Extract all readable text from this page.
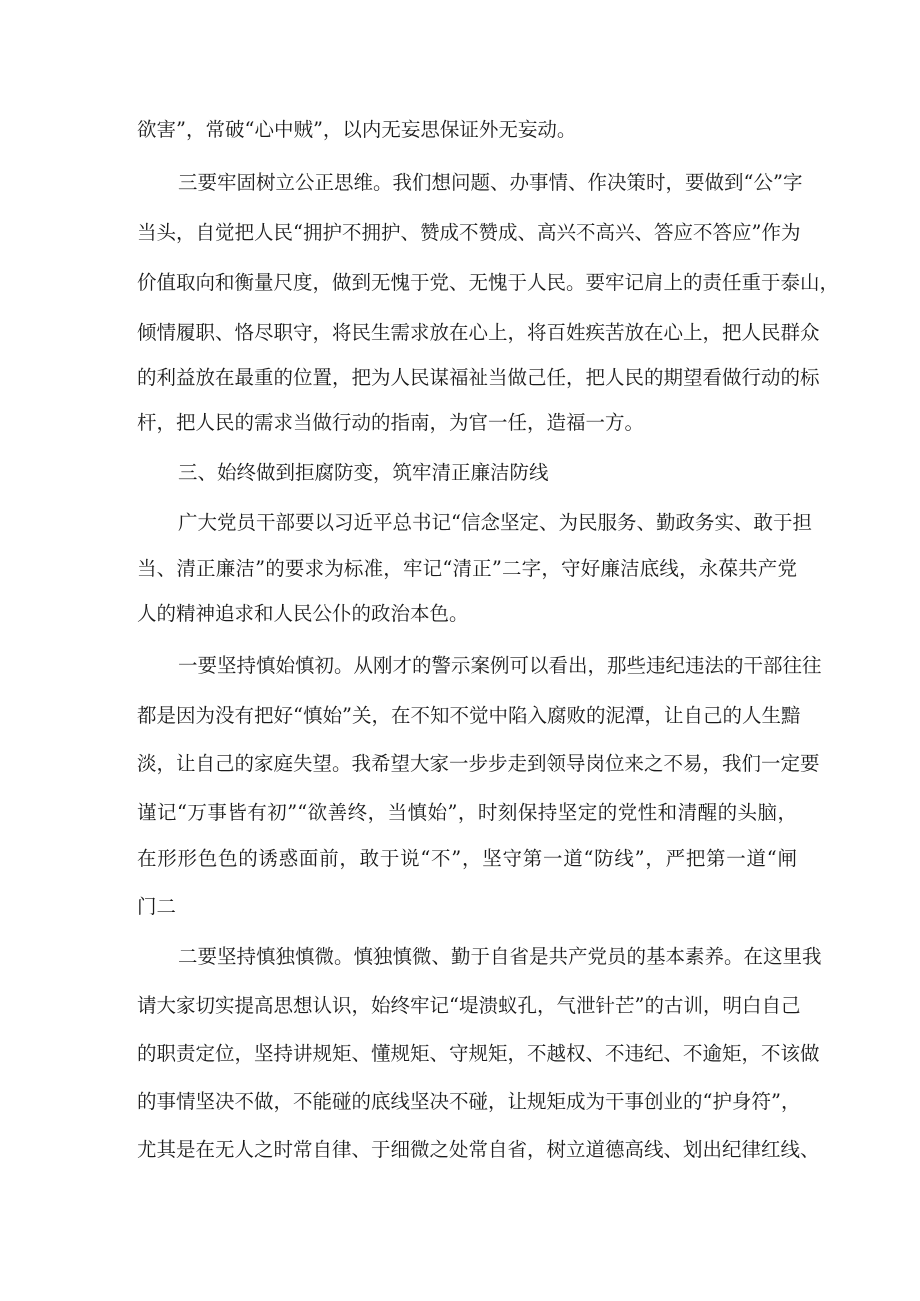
欲害”，常破“心中贼”，以内无妄思保证外无妄动。
三要牢固树立公正思维。我们想问题、办事情、作决策时，要做到“公”字
当头，自觉把人民“拥护不拥护、赞成不赞成、高兴不高兴、答应不答应”作为
价值取向和衡量尺度，做到无愧于党、无愧于人民。要牢记肩上的责任重于泰山，
倾情履职、恪尽职守，将民生需求放在心上，将百姓疾苦放在心上，把人民群众
的利益放在最重的位置，把为人民谋福祉当做己任，把人民的期望看做行动的标
杆，把人民的需求当做行动的指南，为官一任，造福一方。
三、始终做到拒腐防变，筑牢清正廉洁防线
广大党员干部要以习近平总书记“信念坚定、为民服务、勤政务实、敢于担
当、清正廉洁”的要求为标准，牢记“清正”二字，守好廉洁底线，永葆共产党
人的精神追求和人民公仆的政治本色。
一要坚持慎始慎初。从刚才的警示案例可以看出，那些违纪违法的干部往往
都是因为没有把好“慎始”关，在不知不觉中陷入腐败的泥潭，让自己的人生黯
淡，让自己的家庭失望。我希望大家一步步走到领导岗位来之不易，我们一定要
谨记“万事皆有初”“欲善终，当慎始”，时刻保持坚定的党性和清醒的头脑，
在形形色色的诱惑面前，敢于说“不”，坚守第一道“防线”，严把第一道“闸
门二
二要坚持慎独慎微。慎独慎微、勤于自省是共产党员的基本素养。在这里我
请大家切实提高思想认识，始终牢记“堤溃蚁孔，气泄针芒”的古训，明白自己
的职责定位，坚持讲规矩、懂规矩、守规矩，不越权、不违纪、不逾矩，不该做
的事情坚决不做，不能碰的底线坚决不碰，让规矩成为干事创业的“护身符”，
尤其是在无人之时常自律、于细微之处常自省，树立道德高线、划出纪律红线、
